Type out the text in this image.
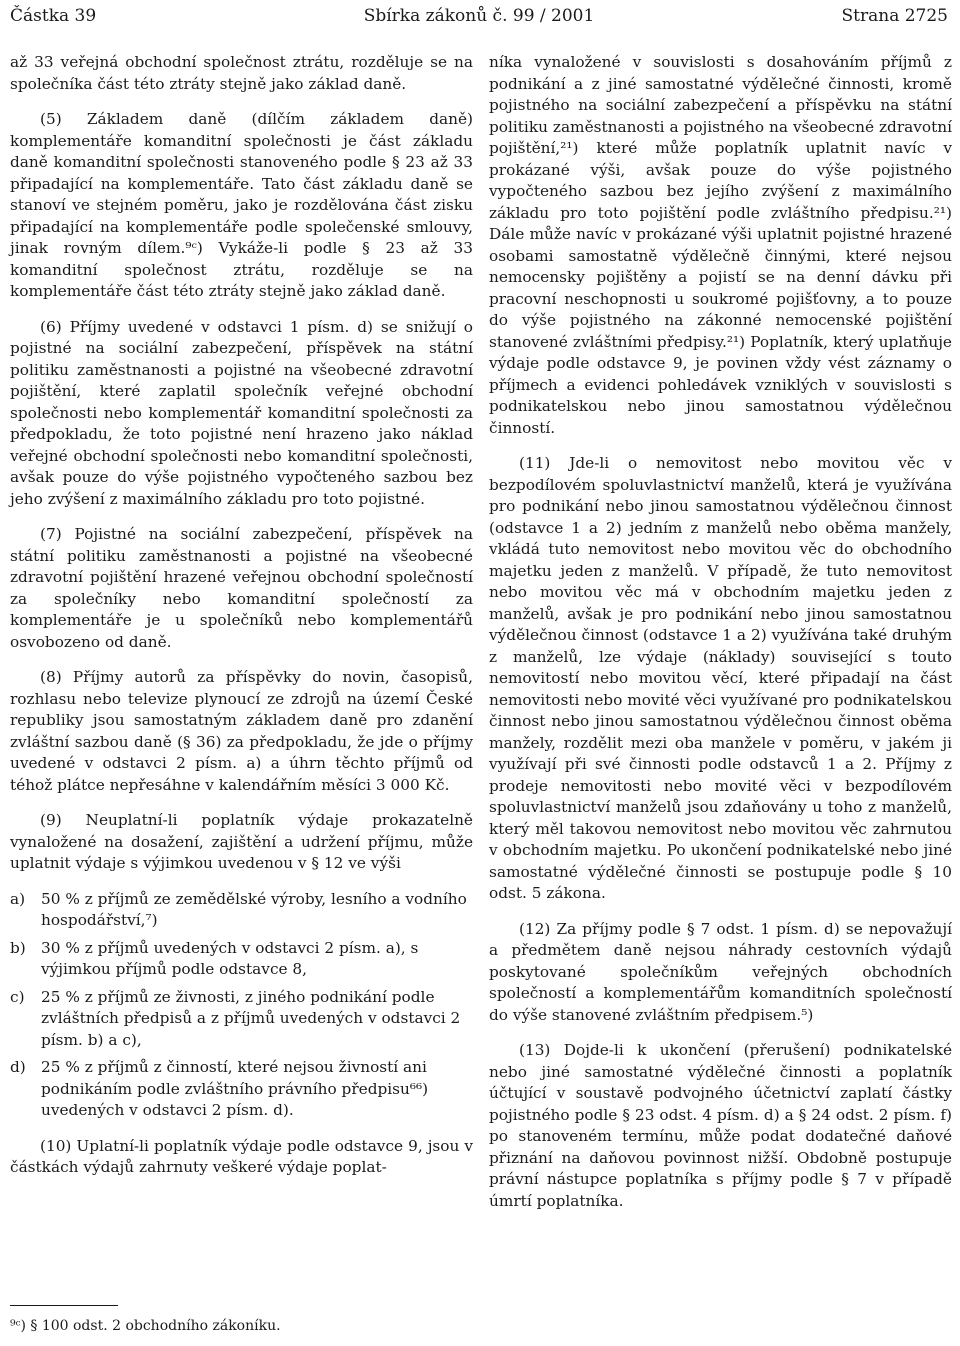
Částka 39	Sbírka zákonů č. 99 / 2001	Strana 2725

až 33 veřejná obchodní společnost ztrátu, rozděluje se na společníka část této ztráty stejně jako základ daně.

(5) Základem daně (dílčím základem daně) komplementáře komanditní společnosti je část základu daně komanditní společnosti stanoveného podle § 23 až 33 připadající na komplementáře. Tato část základu daně se stanoví ve stejném poměru, jako je rozdělována část zisku připadající na komplementáře podle společenské smlouvy, jinak rovným dílem.⁹ᶜ) Vykáže-li podle § 23 až 33 komanditní společnost ztrátu, rozděluje se na komplementáře část této ztráty stejně jako základ daně.

(6) Příjmy uvedené v odstavci 1 písm. d) se snižují o pojistné na sociální zabezpečení, příspěvek na státní politiku zaměstnanosti a pojistné na všeobecné zdravotní pojištění, které zaplatil společník veřejné obchodní společnosti nebo komplementář komanditní společnosti za předpokladu, že toto pojistné není hrazeno jako náklad veřejné obchodní společnosti nebo komanditní společnosti, avšak pouze do výše pojistného vypočteného sazbou bez jeho zvýšení z maximálního základu pro toto pojistné.

(7) Pojistné na sociální zabezpečení, příspěvek na státní politiku zaměstnanosti a pojistné na všeobecné zdravotní pojištění hrazené veřejnou obchodní společností za společníky nebo komanditní společností za komplementáře je u společníků nebo komplementářů osvobozeno od daně.

(8) Příjmy autorů za příspěvky do novin, časopisů, rozhlasu nebo televize plynoucí ze zdrojů na území České republiky jsou samostatným základem daně pro zdanění zvláštní sazbou daně (§ 36) za předpokladu, že jde o příjmy uvedené v odstavci 2 písm. a) a úhrn těchto příjmů od téhož plátce nepřesáhne v kalendářním měsíci 3 000 Kč.

(9) Neuplatní-li poplatník výdaje prokazatelně vynaložené na dosažení, zajištění a udržení příjmu, může uplatnit výdaje s výjimkou uvedenou v § 12 ve výši

a) 50 % z příjmů ze zemědělské výroby, lesního a vodního hospodářství,⁷)
b) 30 % z příjmů uvedených v odstavci 2 písm. a), s výjimkou příjmů podle odstavce 8,
c) 25 % z příjmů ze živnosti, z jiného podnikání podle zvláštních předpisů a z příjmů uvedených v odstavci 2 písm. b) a c),
d) 25 % z příjmů z činností, které nejsou živností ani podnikáním podle zvláštního právního předpisu⁶⁶) uvedených v odstavci 2 písm. d).

(10) Uplatní-li poplatník výdaje podle odstavce 9, jsou v částkách výdajů zahrnuty veškeré výdaje poplat-

níka vynaložené v souvislosti s dosahováním příjmů z podnikání a z jiné samostatné výdělečné činnosti, kromě pojistného na sociální zabezpečení a příspěvku na státní politiku zaměstnanosti a pojistného na všeobecné zdravotní pojištění,²¹) které může poplatník uplatnit navíc v prokázané výši, avšak pouze do výše pojistného vypočteného sazbou bez jejího zvýšení z maximálního základu pro toto pojištění podle zvláštního předpisu.²¹) Dále může navíc v prokázané výši uplatnit pojistné hrazené osobami samostatně výdělečně činnými, které nejsou nemocensky pojištěny a pojistí se na denní dávku při pracovní neschopnosti u soukromé pojišťovny, a to pouze do výše pojistného na zákonné nemocenské pojištění stanovené zvláštními předpisy.²¹) Poplatník, který uplatňuje výdaje podle odstavce 9, je povinen vždy vést záznamy o příjmech a evidenci pohledávek vzniklých v souvislosti s podnikatelskou nebo jinou samostatnou výdělečnou činností.

(11) Jde-li o nemovitost nebo movitou věc v bezpodílovém spoluvlastnictví manželů, která je využívána pro podnikání nebo jinou samostatnou výdělečnou činnost (odstavce 1 a 2) jedním z manželů nebo oběma manžely, vkládá tuto nemovitost nebo movitou věc do obchodního majetku jeden z manželů. V případě, že tuto nemovitost nebo movitou věc má v obchodním majetku jeden z manželů, avšak je pro podnikání nebo jinou samostatnou výdělečnou činnost (odstavce 1 a 2) využívána také druhým z manželů, lze výdaje (náklady) související s touto nemovitostí nebo movitou věcí, které připadají na část nemovitosti nebo movité věci využívané pro podnikatelskou činnost nebo jinou samostatnou výdělečnou činnost oběma manžely, rozdělit mezi oba manžele v poměru, v jakém ji využívají při své činnosti podle odstavců 1 a 2. Příjmy z prodeje nemovitosti nebo movité věci v bezpodílovém spoluvlastnictví manželů jsou zdaňovány u toho z manželů, který měl takovou nemovitost nebo movitou věc zahrnutou v obchodním majetku. Po ukončení podnikatelské nebo jiné samostatné výdělečné činnosti se postupuje podle § 10 odst. 5 zákona.

(12) Za příjmy podle § 7 odst. 1 písm. d) se nepovažují a předmětem daně nejsou náhrady cestovních výdajů poskytované společníkům veřejných obchodních společností a komplementářům komanditních společností do výše stanovené zvláštním předpisem.⁵)

(13) Dojde-li k ukončení (přerušení) podnikatelské nebo jiné samostatné výdělečné činnosti a poplatník účtující v soustavě podvojného účetnictví zaplatí částky pojistného podle § 23 odst. 4 písm. d) a § 24 odst. 2 písm. f) po stanoveném termínu, může podat dodatečné daňové přiznání na daňovou povinnost nižší. Obdobně postupuje právní nástupce poplatníka s příjmy podle § 7 v případě úmrtí poplatníka.

⁹ᶜ) § 100 odst. 2 obchodního zákoníku.
